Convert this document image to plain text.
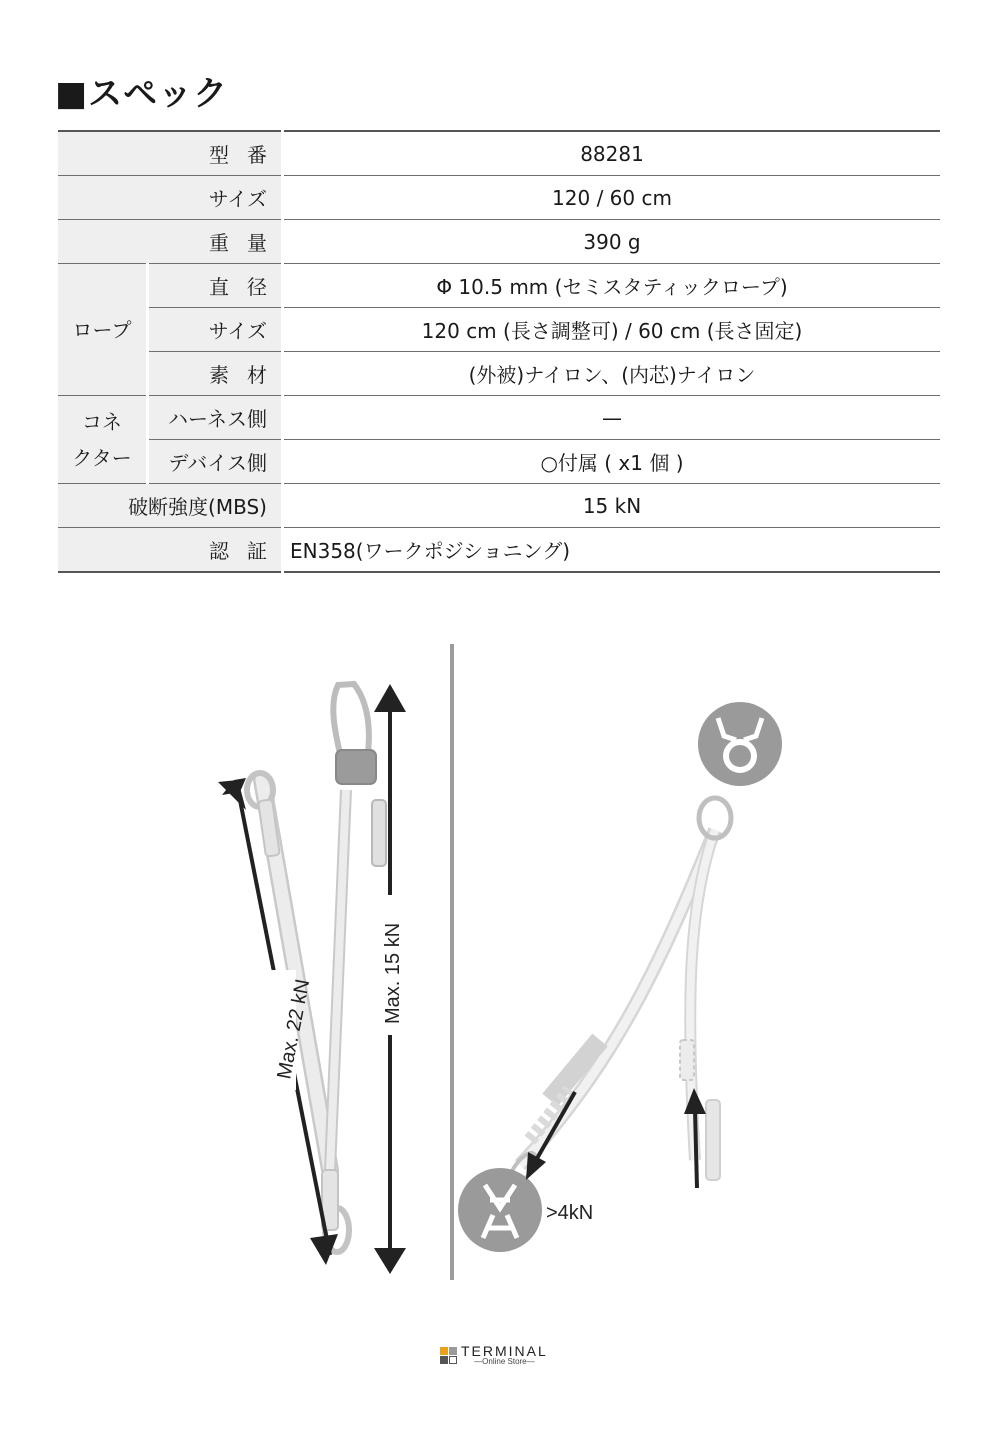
■スペック
型番		88281
サイズ		120 / 60 cm
重量		390 g
ロープ	直径	Φ 10.5 mm (セミスタティックロープ)
	サイズ	120 cm (長さ調整可) / 60 cm (長さ固定)
	素材	(外被)ナイロン、(内芯)ナイロン

コネ
クター	ハーネス側	—
	デバイス側	○付属 ( x1 個 )
破断強度(MBS)		15 kN
認証		EN358(ワークポジショニング)
Max. 22 kN
Max. 15 kN
>4kN
TERMINAL
—Online Store—
